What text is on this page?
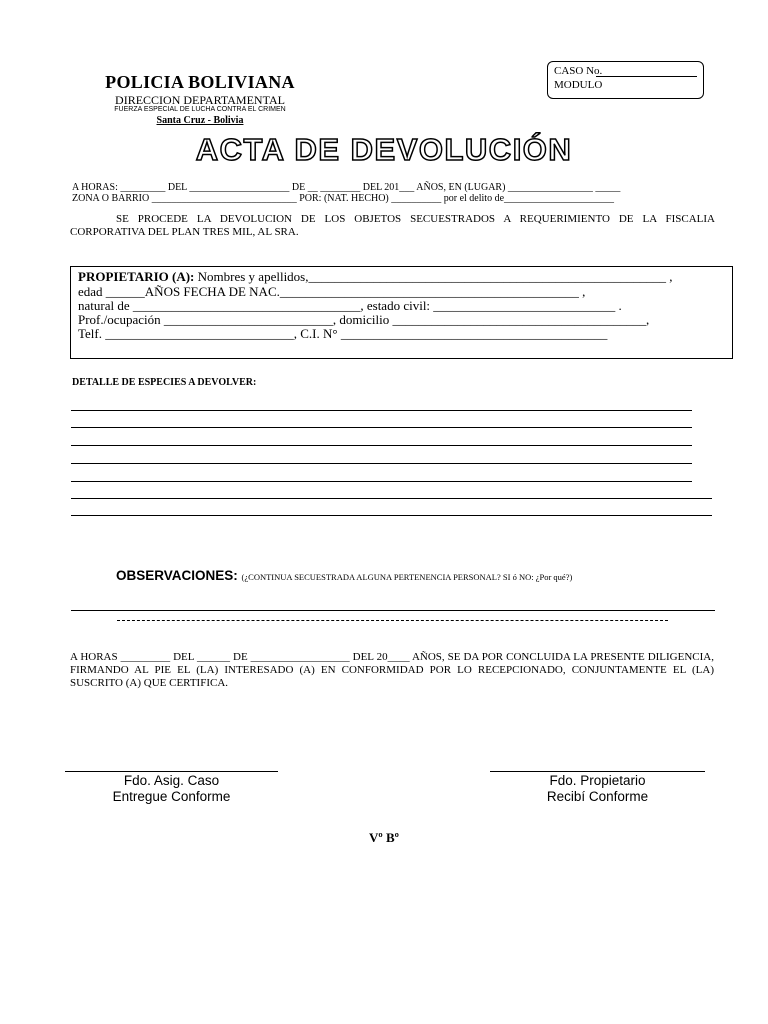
POLICIA BOLIVIANA
DIRECCION DEPARTAMENTAL
FUERZA ESPECIAL DE LUCHA CONTRA EL CRIMEN
Santa Cruz - Bolivia
CASO No.
MODULO
ACTA DE DEVOLUCIÓN
A HORAS: _________ DEL ____________________ DE __ ________ DEL 201___ AÑOS, EN (LUGAR) _________________ _____
ZONA O BARRIO _____________________________ POR: (NAT. HECHO) __________ por el delito de______________________
SE PROCEDE LA DEVOLUCION DE LOS OBJETOS SECUESTRADOS A REQUERIMIENTO DE LA FISCALIA CORPORATIVA DEL PLAN TRES MIL, AL SRA.
PROPIETARIO (A): Nombres y apellidos,_______________________________________________________ ,
edad ______AÑOS FECHA DE NAC.______________________________________________ ,
natural de ___________________________________, estado civil: ____________________________ .
Prof./ocupación __________________________, domicilio _______________________________________,
Telf. _____________________________, C.I. N° _________________________________________
DETALLE DE ESPECIES A DEVOLVER:
OBSERVACIONES: (¿CONTINUA SECUESTRADA ALGUNA PERTENENCIA PERSONAL? SI ó NO: ¿Por qué?)
A HORAS _________ DEL ______ DE __________________ DEL 20____ AÑOS, SE DA POR CONCLUIDA LA PRESENTE DILIGENCIA, FIRMANDO AL PIE EL (LA) INTERESADO (A) EN CONFORMIDAD POR LO RECEPCIONADO, CONJUNTAMENTE EL (LA) SUSCRITO (A) QUE CERTIFICA.
Fdo. Asig. Caso
Entregue Conforme
Fdo. Propietario
Recibí Conforme
Vº Bº
